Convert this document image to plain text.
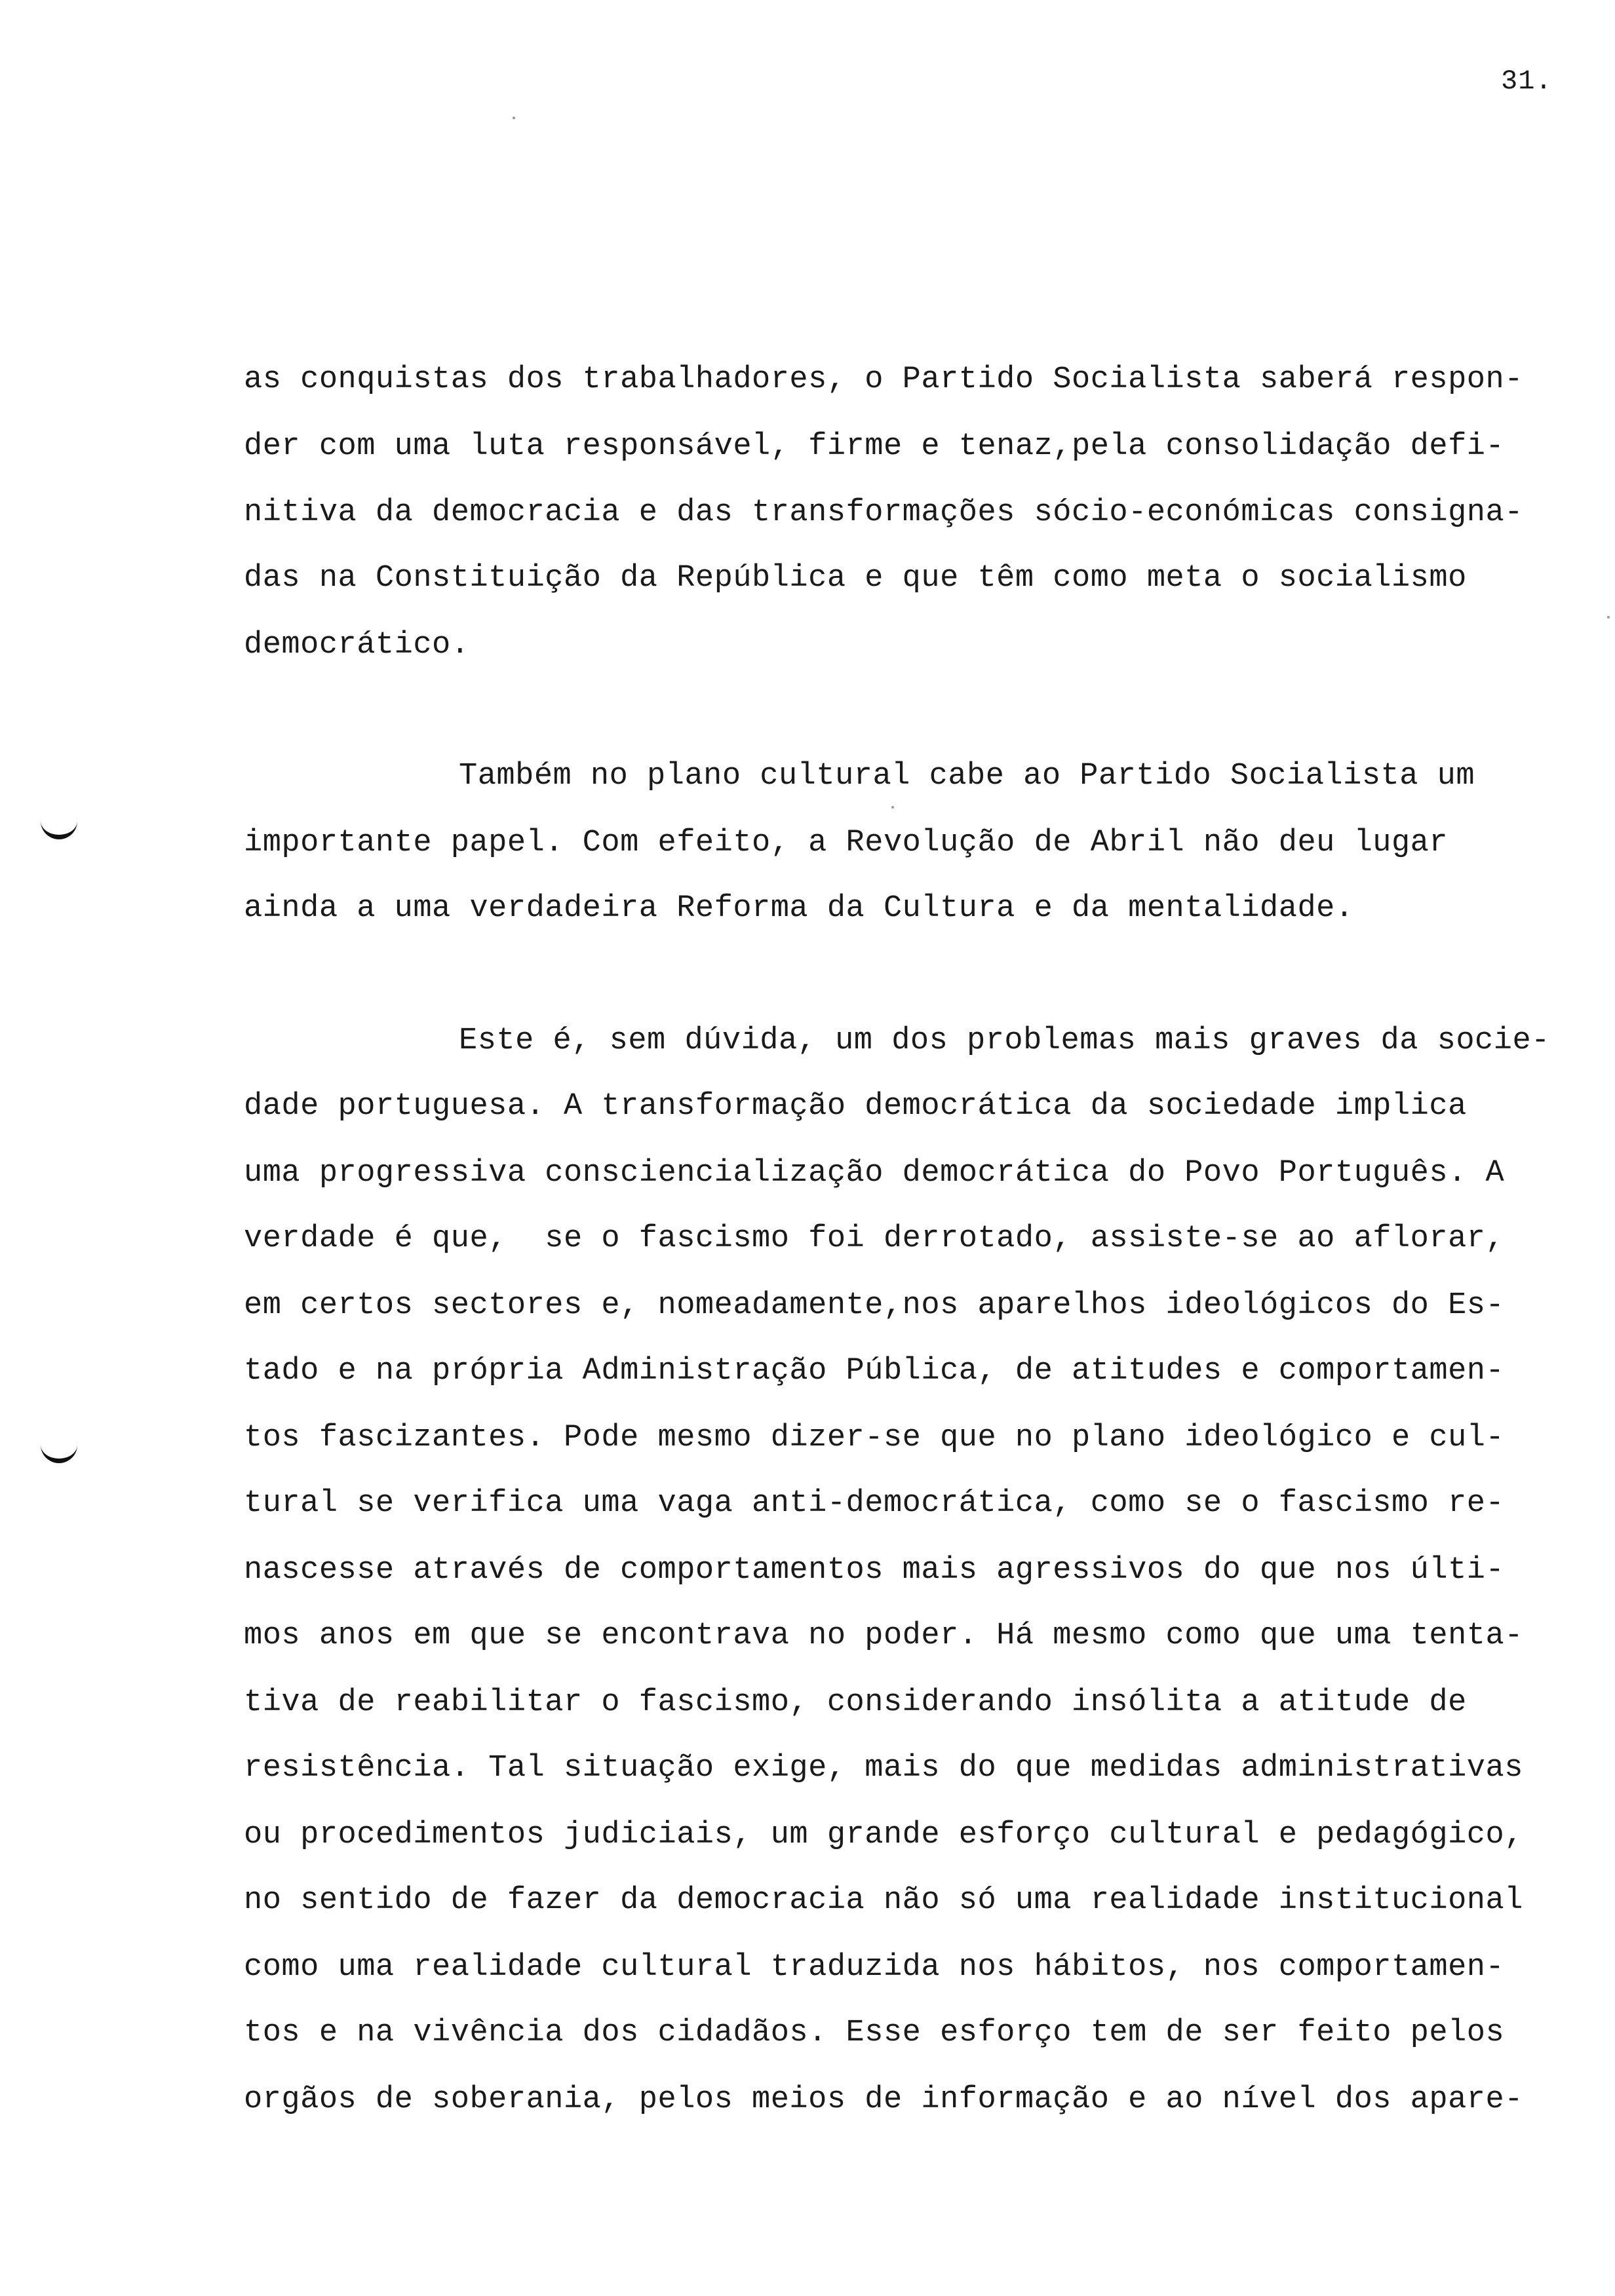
31.
as conquistas dos trabalhadores, o Partido Socialista saberá respon-
der com uma luta responsável, firme e tenaz,pela consolidação defi-
nitiva da democracia e das transformações sócio-económicas consigna-
das na Constituição da República e que têm como meta o socialismo
democrático.
Também no plano cultural cabe ao Partido Socialista um
importante papel. Com efeito, a Revolução de Abril não deu lugar
ainda a uma verdadeira Reforma da Cultura e da mentalidade.
Este é, sem dúvida, um dos problemas mais graves da socie-
dade portuguesa. A transformação democrática da sociedade implica
uma progressiva consciencialização democrática do Povo Português. A
verdade é que,  se o fascismo foi derrotado, assiste-se ao aflorar,
em certos sectores e, nomeadamente,nos aparelhos ideológicos do Es-
tado e na própria Administração Pública, de atitudes e comportamen-
tos fascizantes. Pode mesmo dizer-se que no plano ideológico e cul-
tural se verifica uma vaga anti-democrática, como se o fascismo re-
nascesse através de comportamentos mais agressivos do que nos últi-
mos anos em que se encontrava no poder. Há mesmo como que uma tenta-
tiva de reabilitar o fascismo, considerando insólita a atitude de
resistência. Tal situação exige, mais do que medidas administrativas
ou procedimentos judiciais, um grande esforço cultural e pedagógico,
no sentido de fazer da democracia não só uma realidade institucional
como uma realidade cultural traduzida nos hábitos, nos comportamen-
tos e na vivência dos cidadãos. Esse esforço tem de ser feito pelos
orgãos de soberania, pelos meios de informação e ao nível dos apare-
